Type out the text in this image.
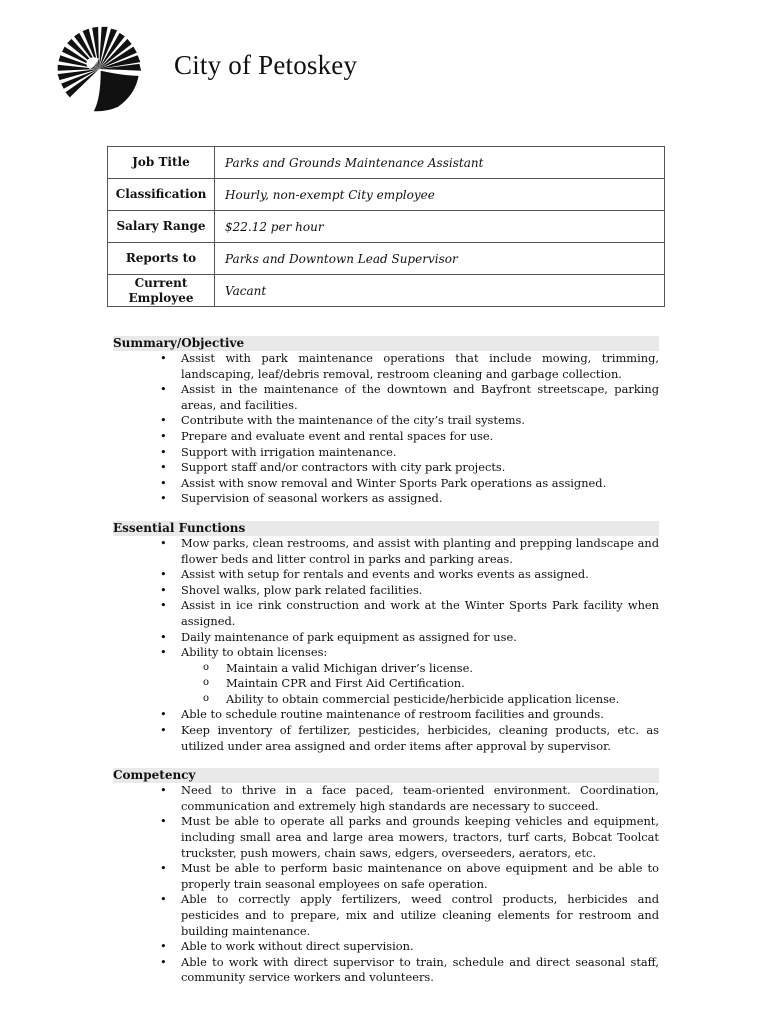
City of Petoskey
Job Title	Parks and Grounds Maintenance Assistant
Classification	Hourly, non-exempt City employee
Salary Range	$22.12 per hour
Reports to	Parks and Downtown Lead Supervisor
Current Employee	Vacant
Summary/Objective
• Assist with park maintenance operations that include mowing, trimming, landscaping, leaf/debris removal, restroom cleaning and garbage collection.
• Assist in the maintenance of the downtown and Bayfront streetscape, parking areas, and facilities.
• Contribute with the maintenance of the city’s trail systems.
• Prepare and evaluate event and rental spaces for use.
• Support with irrigation maintenance.
• Support staff and/or contractors with city park projects.
• Assist with snow removal and Winter Sports Park operations as assigned.
• Supervision of seasonal workers as assigned.
Essential Functions
• Mow parks, clean restrooms, and assist with planting and prepping landscape and flower beds and litter control in parks and parking areas.
• Assist with setup for rentals and events and works events as assigned.
• Shovel walks, plow park related facilities.
• Assist in ice rink construction and work at the Winter Sports Park facility when assigned.
• Daily maintenance of park equipment as assigned for use.
• Ability to obtain licenses:
o Maintain a valid Michigan driver’s license.
o Maintain CPR and First Aid Certification.
o Ability to obtain commercial pesticide/herbicide application license.
• Able to schedule routine maintenance of restroom facilities and grounds.
• Keep inventory of fertilizer, pesticides, herbicides, cleaning products, etc. as utilized under area assigned and order items after approval by supervisor.
Competency
• Need to thrive in a face paced, team-oriented environment. Coordination, communication and extremely high standards are necessary to succeed.
• Must be able to operate all parks and grounds keeping vehicles and equipment, including small area and large area mowers, tractors, turf carts, Bobcat Toolcat truckster, push mowers, chain saws, edgers, overseeders, aerators, etc.
• Must be able to perform basic maintenance on above equipment and be able to properly train seasonal employees on safe operation.
• Able to correctly apply fertilizers, weed control products, herbicides and pesticides and to prepare, mix and utilize cleaning elements for restroom and building maintenance.
• Able to work without direct supervision.
• Able to work with direct supervisor to train, schedule and direct seasonal staff, community service workers and volunteers.
